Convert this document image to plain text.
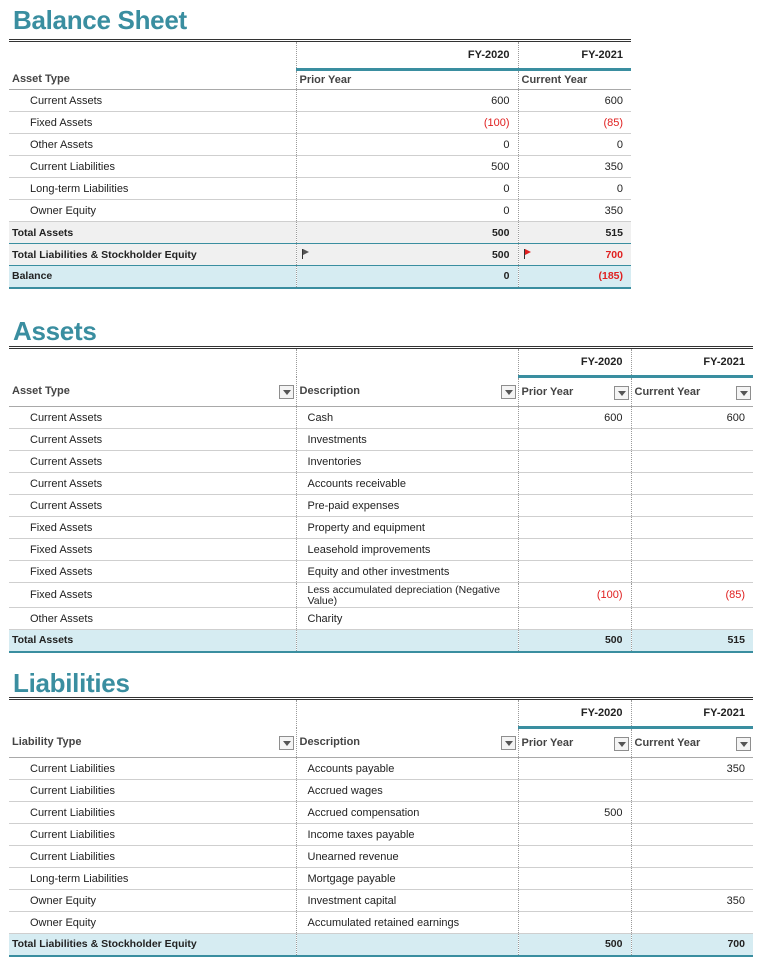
Balance Sheet
	FY-2020	FY-2021
Asset Type	Prior Year	Current Year
Current Assets	600	600
Fixed Assets	(100)	(85)
Other Assets	0	0
Current Liabilities	500	350
Long-term Liabilities	0	0
Owner Equity	0	350
Total Assets	500	515
Total Liabilities & Stockholder Equity	500	700
Balance	0	(185)
Assets
		FY-2020	FY-2021
Asset Type	Description	Prior Year	Current Year

Current Assets	Cash	600	600
Current Assets	Investments		
Current Assets	Inventories		
Current Assets	Accounts receivable		
Current Assets	Pre-paid expenses		
Fixed Assets	Property and equipment		
Fixed Assets	Leasehold improvements		
Fixed Assets	Equity and other investments		
Fixed Assets	Less accumulated depreciation (Negative Value)	(100)	(85)
Other Assets	Charity		
Total Assets		500	515
Liabilities
		FY-2020	FY-2021
Liability Type	Description	Prior Year	Current Year

Current Liabilities	Accounts payable		350
Current Liabilities	Accrued wages		
Current Liabilities	Accrued compensation	500	
Current Liabilities	Income taxes payable		
Current Liabilities	Unearned revenue		
Long-term Liabilities	Mortgage payable		
Owner Equity	Investment capital		350
Owner Equity	Accumulated retained earnings		
Total Liabilities & Stockholder Equity		500	700
